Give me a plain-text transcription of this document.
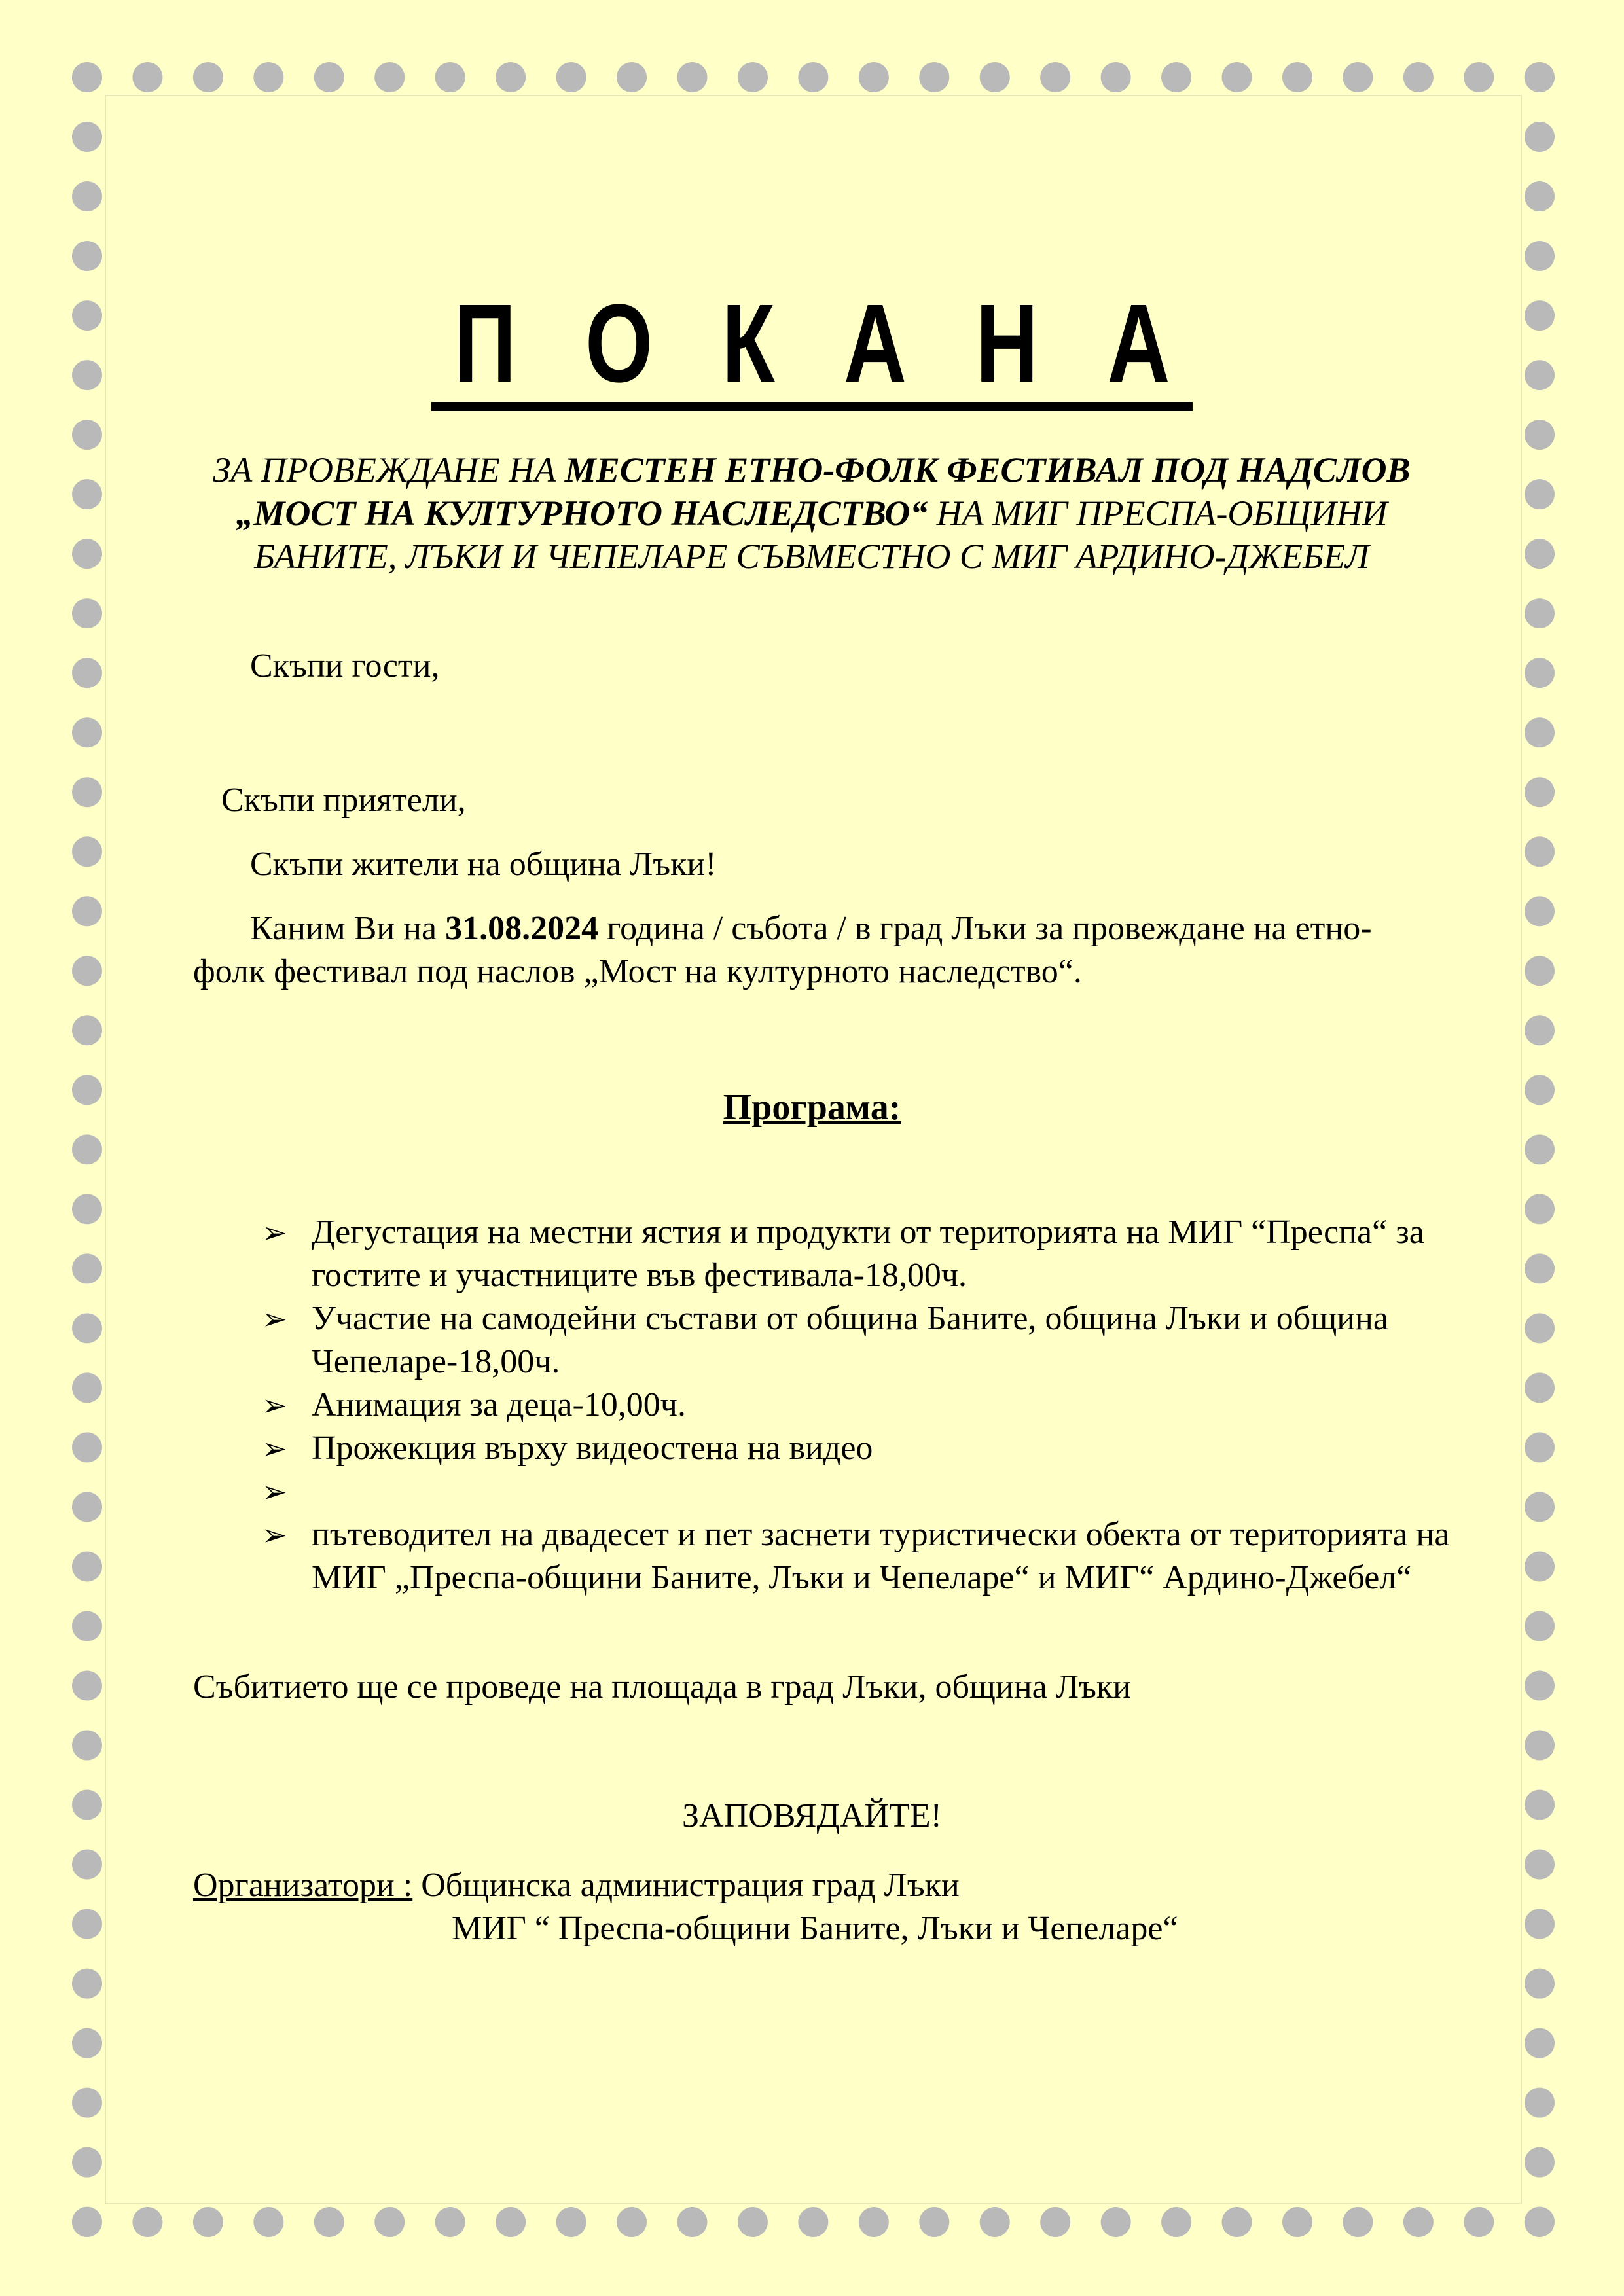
П О К А Н А
ЗА ПРОВЕЖДАНЕ НА МЕСТЕН ЕТНО-ФОЛК ФЕСТИВАЛ ПОД НАДСЛОВ „МОСТ НА КУЛТУРНОТО НАСЛЕДСТВО“ НА МИГ ПРЕСПА-ОБЩИНИ БАНИТЕ, ЛЪКИ И ЧЕПЕЛАРЕ СЪВМЕСТНО С МИГ АРДИНО-ДЖЕБЕЛ

Скъпи гости,

Скъпи приятели,

Скъпи жители на община Лъки!

Каним Ви на 31.08.2024 година / събота / в град Лъки за провеждане на етно-фолк фестивал под наслов „Мост на културното наследство“.

Програма:
➢ Дегустация на местни ястия и продукти от територията на МИГ “Преспа“ за гостите и участниците във фестивала-18,00ч.
➢ Участие на самодейни състави от община Баните, община Лъки и община Чепеларе-18,00ч.
➢ Анимация за деца-10,00ч.
➢ Прожекция върху видеостена на видео
➢
➢ пътеводител на двадесет и пет заснети туристически обекта от територията на МИГ „Преспа-общини Баните, Лъки и Чепеларе“ и МИГ“ Ардино-Джебел“

Събитието ще се проведе на площада в град Лъки, община Лъки

ЗАПОВЯДАЙТЕ!

Организатори : Общинска администрация град Лъки

МИГ “ Преспа-общини Баните, Лъки и Чепеларе“
